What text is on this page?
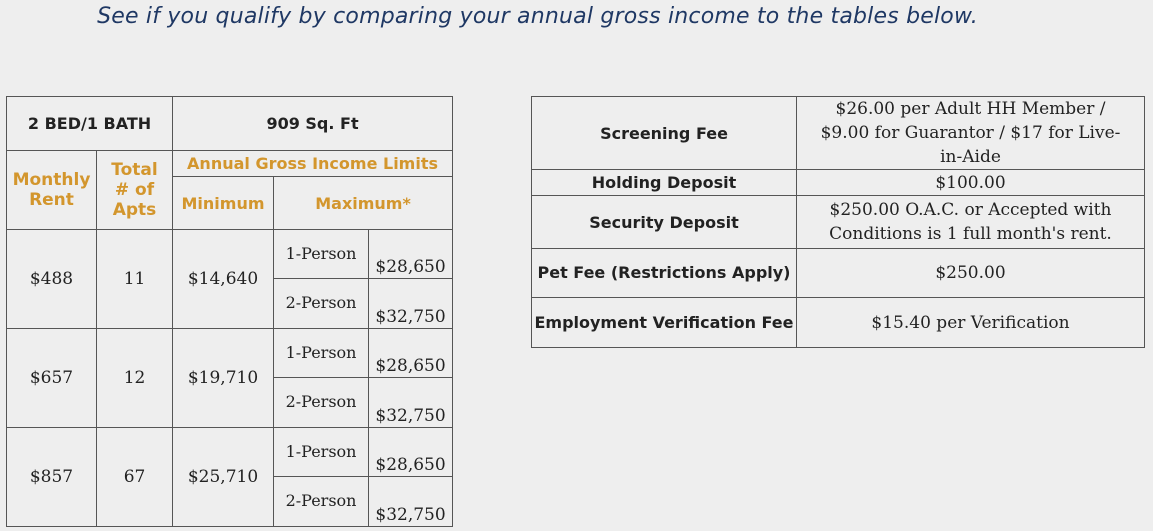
See if you qualify by comparing your annual gross income to the tables below.
2 BED/1 BATH		909 Sq. Ft		
Monthly Rent	Total # of Apts	Annual Gross Income Limits		
		Minimum	Maximum*	
$488	11	$14,640	1-Person	$28,650
			2-Person	$32,750
$657	12	$19,710	1-Person	$28,650
			2-Person	$32,750
$857	67	$25,710	1-Person	$28,650
			2-Person	$32,750
Screening Fee	$26.00 per Adult HH Member / $9.00 for Guarantor / $17 for Live-in-Aide
Holding Deposit	$100.00
Security Deposit	$250.00 O.A.C. or Accepted with Conditions is 1 full month's rent.
Pet Fee (Restrictions Apply)	$250.00
Employment Verification Fee	$15.40 per Verification
